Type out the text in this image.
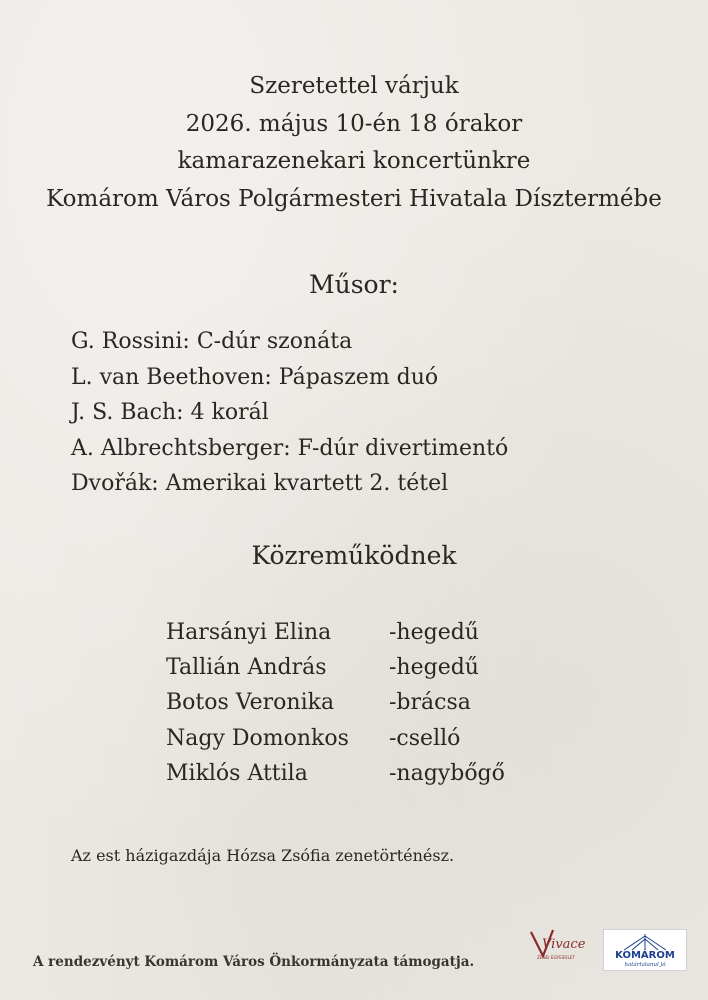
Szeretettel várjuk
2026. május 10-én 18 órakor
kamarazenekari koncertünkre
Komárom Város Polgármesteri Hivatala Dísztermébe
Műsor:
G. Rossini: C-dúr szonáta
L. van Beethoven: Pápaszem duó
J. S. Bach: 4 korál
A. Albrechtsberger: F-dúr divertimentó
Dvořák: Amerikai kvartett 2. tétel
Közreműködnek
Harsányi Elina	-hegedű
Tallián András	-hegedű
Botos Veronika	-brácsa
Nagy Domonkos	-cselló
Miklós Attila	-nagybőgő
Az est házigazdája Hózsa Zsófia zenetörténész.
A rendezvényt Komárom Város Önkormányzata támogatja.
Vivace
ZENEI EGYESÜLET	KOMÁROM
határtalanul jó
